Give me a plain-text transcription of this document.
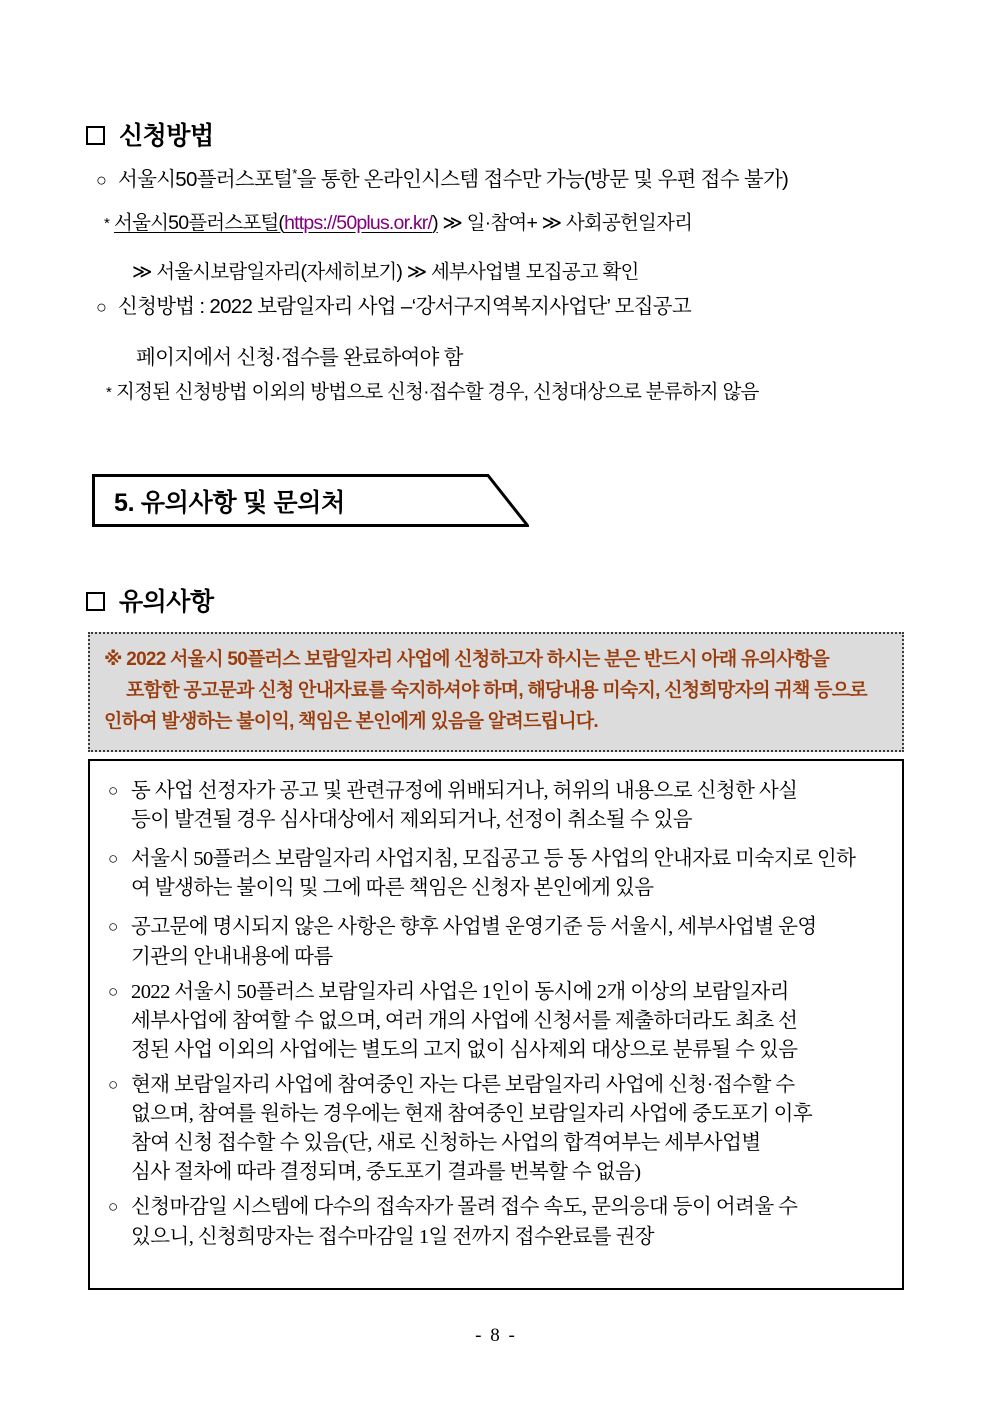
신청방법
○ 서울시50플러스포털*을 통한 온라인시스템 접수만 가능(방문 및 우편 접수 불가)
* 서울시50플러스포털(https://50plus.or.kr/) ≫ 일·참여+ ≫ 사회공헌일자리
≫ 서울시보람일자리(자세히보기) ≫ 세부사업별 모집공고 확인
○ 신청방법 : 2022 보람일자리 사업 –‘강서구지역복지사업단’ 모집공고
페이지에서 신청·접수를 완료하여야 함
* 지정된 신청방법 이외의 방법으로 신청·접수할 경우, 신청대상으로 분류하지 않음
5. 유의사항 및 문의처
유의사항
※ 2022 서울시 50플러스 보람일자리 사업에 신청하고자 하시는 분은 반드시 아래 유의사항을
포함한 공고문과 신청 안내자료를 숙지하셔야 하며, 해당내용 미숙지, 신청희망자의 귀책 등으로
인하여 발생하는 불이익, 책임은 본인에게 있음을 알려드립니다.
○ 동 사업 선정자가 공고 및 관련규정에 위배되거나, 허위의 내용으로 신청한 사실
등이 발견될 경우 심사대상에서 제외되거나, 선정이 취소될 수 있음
○ 서울시 50플러스 보람일자리 사업지침, 모집공고 등 동 사업의 안내자료 미숙지로 인하
여 발생하는 불이익 및 그에 따른 책임은 신청자 본인에게 있음
○ 공고문에 명시되지 않은 사항은 향후 사업별 운영기준 등 서울시, 세부사업별 운영
기관의 안내내용에 따름
○ 2022 서울시 50플러스 보람일자리 사업은 1인이 동시에 2개 이상의 보람일자리
세부사업에 참여할 수 없으며, 여러 개의 사업에 신청서를 제출하더라도 최초 선
정된 사업 이외의 사업에는 별도의 고지 없이 심사제외 대상으로 분류될 수 있음
○ 현재 보람일자리 사업에 참여중인 자는 다른 보람일자리 사업에 신청·접수할 수
없으며, 참여를 원하는 경우에는 현재 참여중인 보람일자리 사업에 중도포기 이후
참여 신청 접수할 수 있음(단, 새로 신청하는 사업의 합격여부는 세부사업별
심사 절차에 따라 결정되며, 중도포기 결과를 번복할 수 없음)
○ 신청마감일 시스템에 다수의 접속자가 몰려 접수 속도, 문의응대 등이 어려울 수
있으니, 신청희망자는 접수마감일 1일 전까지 접수완료를 권장
- 8 -
